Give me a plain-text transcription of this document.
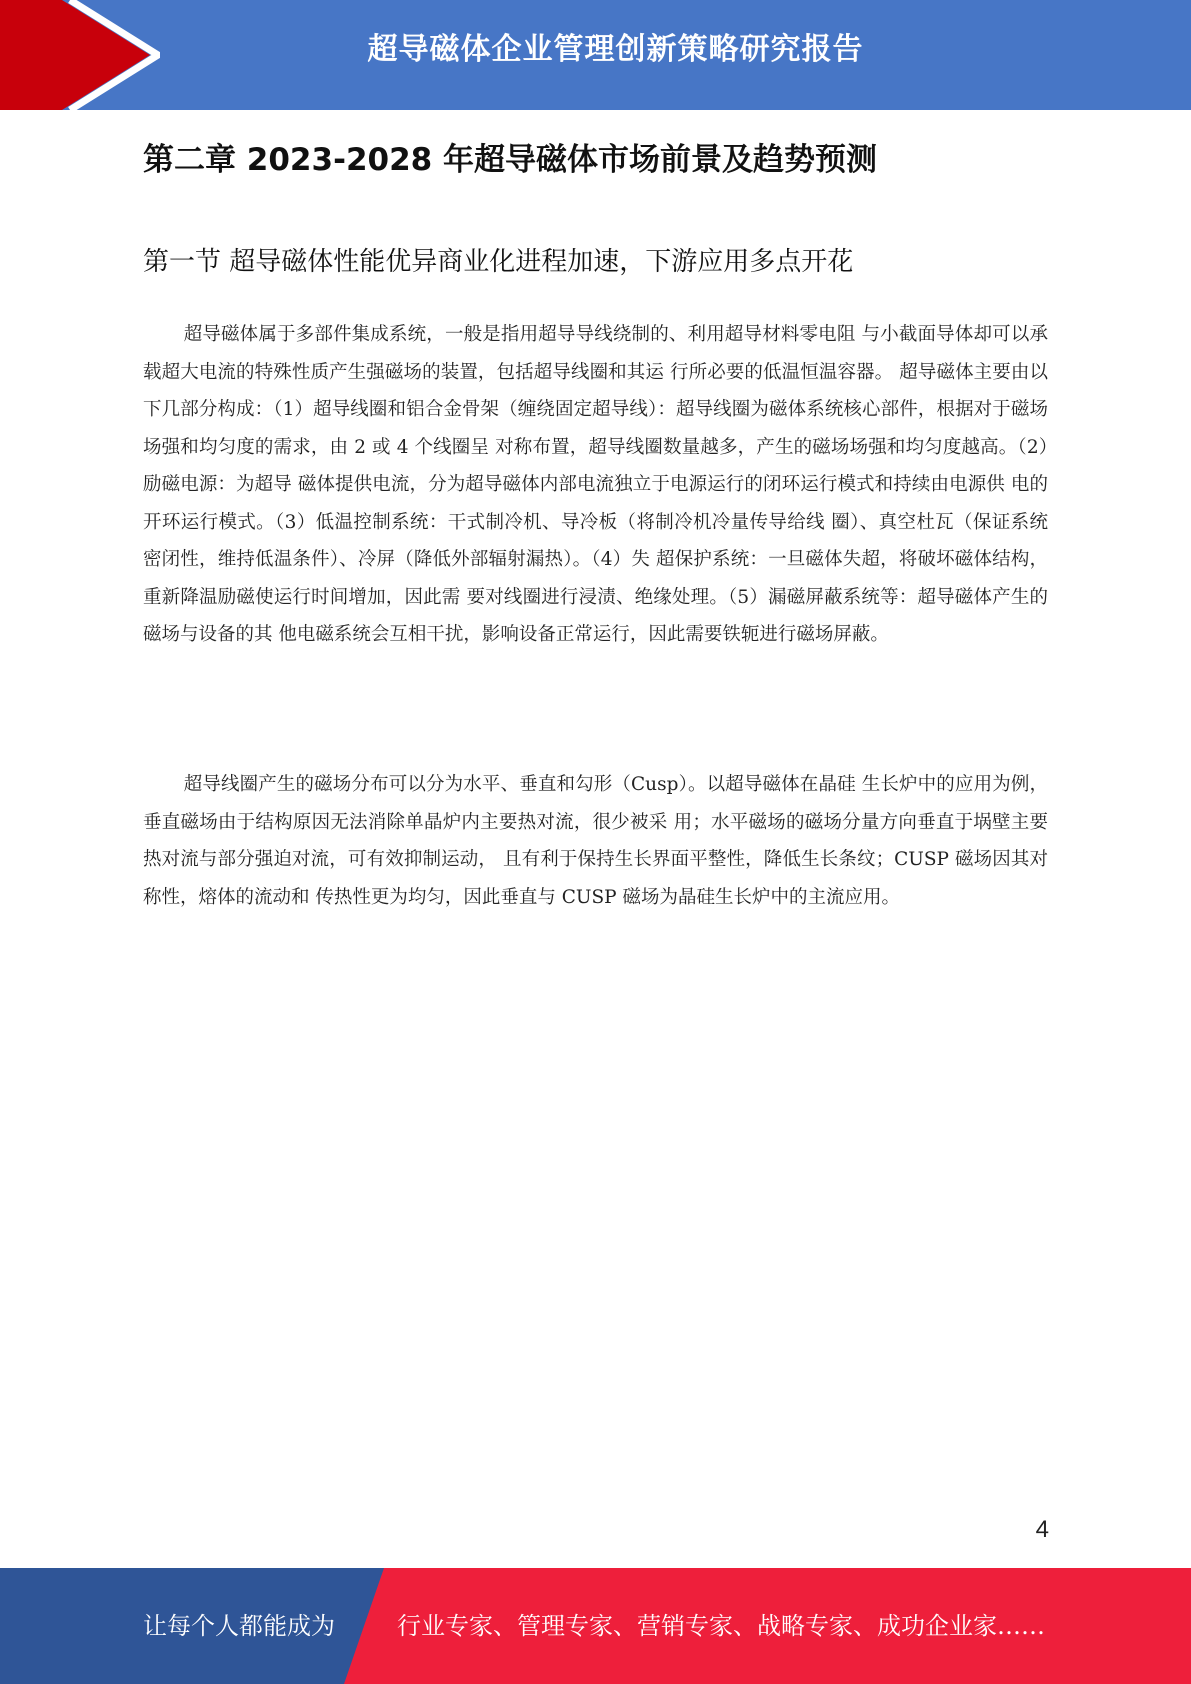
超导磁体企业管理创新策略研究报告
第二章 2023-2028 年超导磁体市场前景及趋势预测
第一节 超导磁体性能优异商业化进程加速，下游应用多点开花

超导磁体属于多部件集成系统，一般是指用超导导线绕制的、利用超导材料零电阻 与小截面导体却可以承载超大电流的特殊性质产生强磁场的装置，包括超导线圈和其运 行所必要的低温恒温容器。 超导磁体主要由以下几部分构成：（1）超导线圈和铝合金骨架（缠绕固定超导线）：超导线圈为磁体系统核心部件，根据对于磁场场强和均匀度的需求，由 2 或 4 个线圈呈 对称布置，超导线圈数量越多，产生的磁场场强和均匀度越高。（2）励磁电源：为超导 磁体提供电流，分为超导磁体内部电流独立于电源运行的闭环运行模式和持续由电源供 电的开环运行模式。（3）低温控制系统：干式制冷机、导冷板（将制冷机冷量传导给线 圈）、真空杜瓦（保证系统密闭性，维持低温条件）、冷屏（降低外部辐射漏热）。（4）失 超保护系统：一旦磁体失超，将破坏磁体结构，重新降温励磁使运行时间增加，因此需 要对线圈进行浸渍、绝缘处理。（5）漏磁屏蔽系统等：超导磁体产生的磁场与设备的其 他电磁系统会互相干扰，影响设备正常运行，因此需要铁轭进行磁场屏蔽。

超导线圈产生的磁场分布可以分为水平、垂直和勾形（Cusp）。以超导磁体在晶硅 生长炉中的应用为例，垂直磁场由于结构原因无法消除单晶炉内主要热对流，很少被采 用；水平磁场的磁场分量方向垂直于埚壁主要热对流与部分强迫对流，可有效抑制运动， 且有利于保持生长界面平整性，降低生长条纹；CUSP 磁场因其对称性，熔体的流动和 传热性更为均匀，因此垂直与 CUSP 磁场为晶硅生长炉中的主流应用。

4
让每个人都能成为	行业专家、管理专家、营销专家、战略专家、成功企业家……
